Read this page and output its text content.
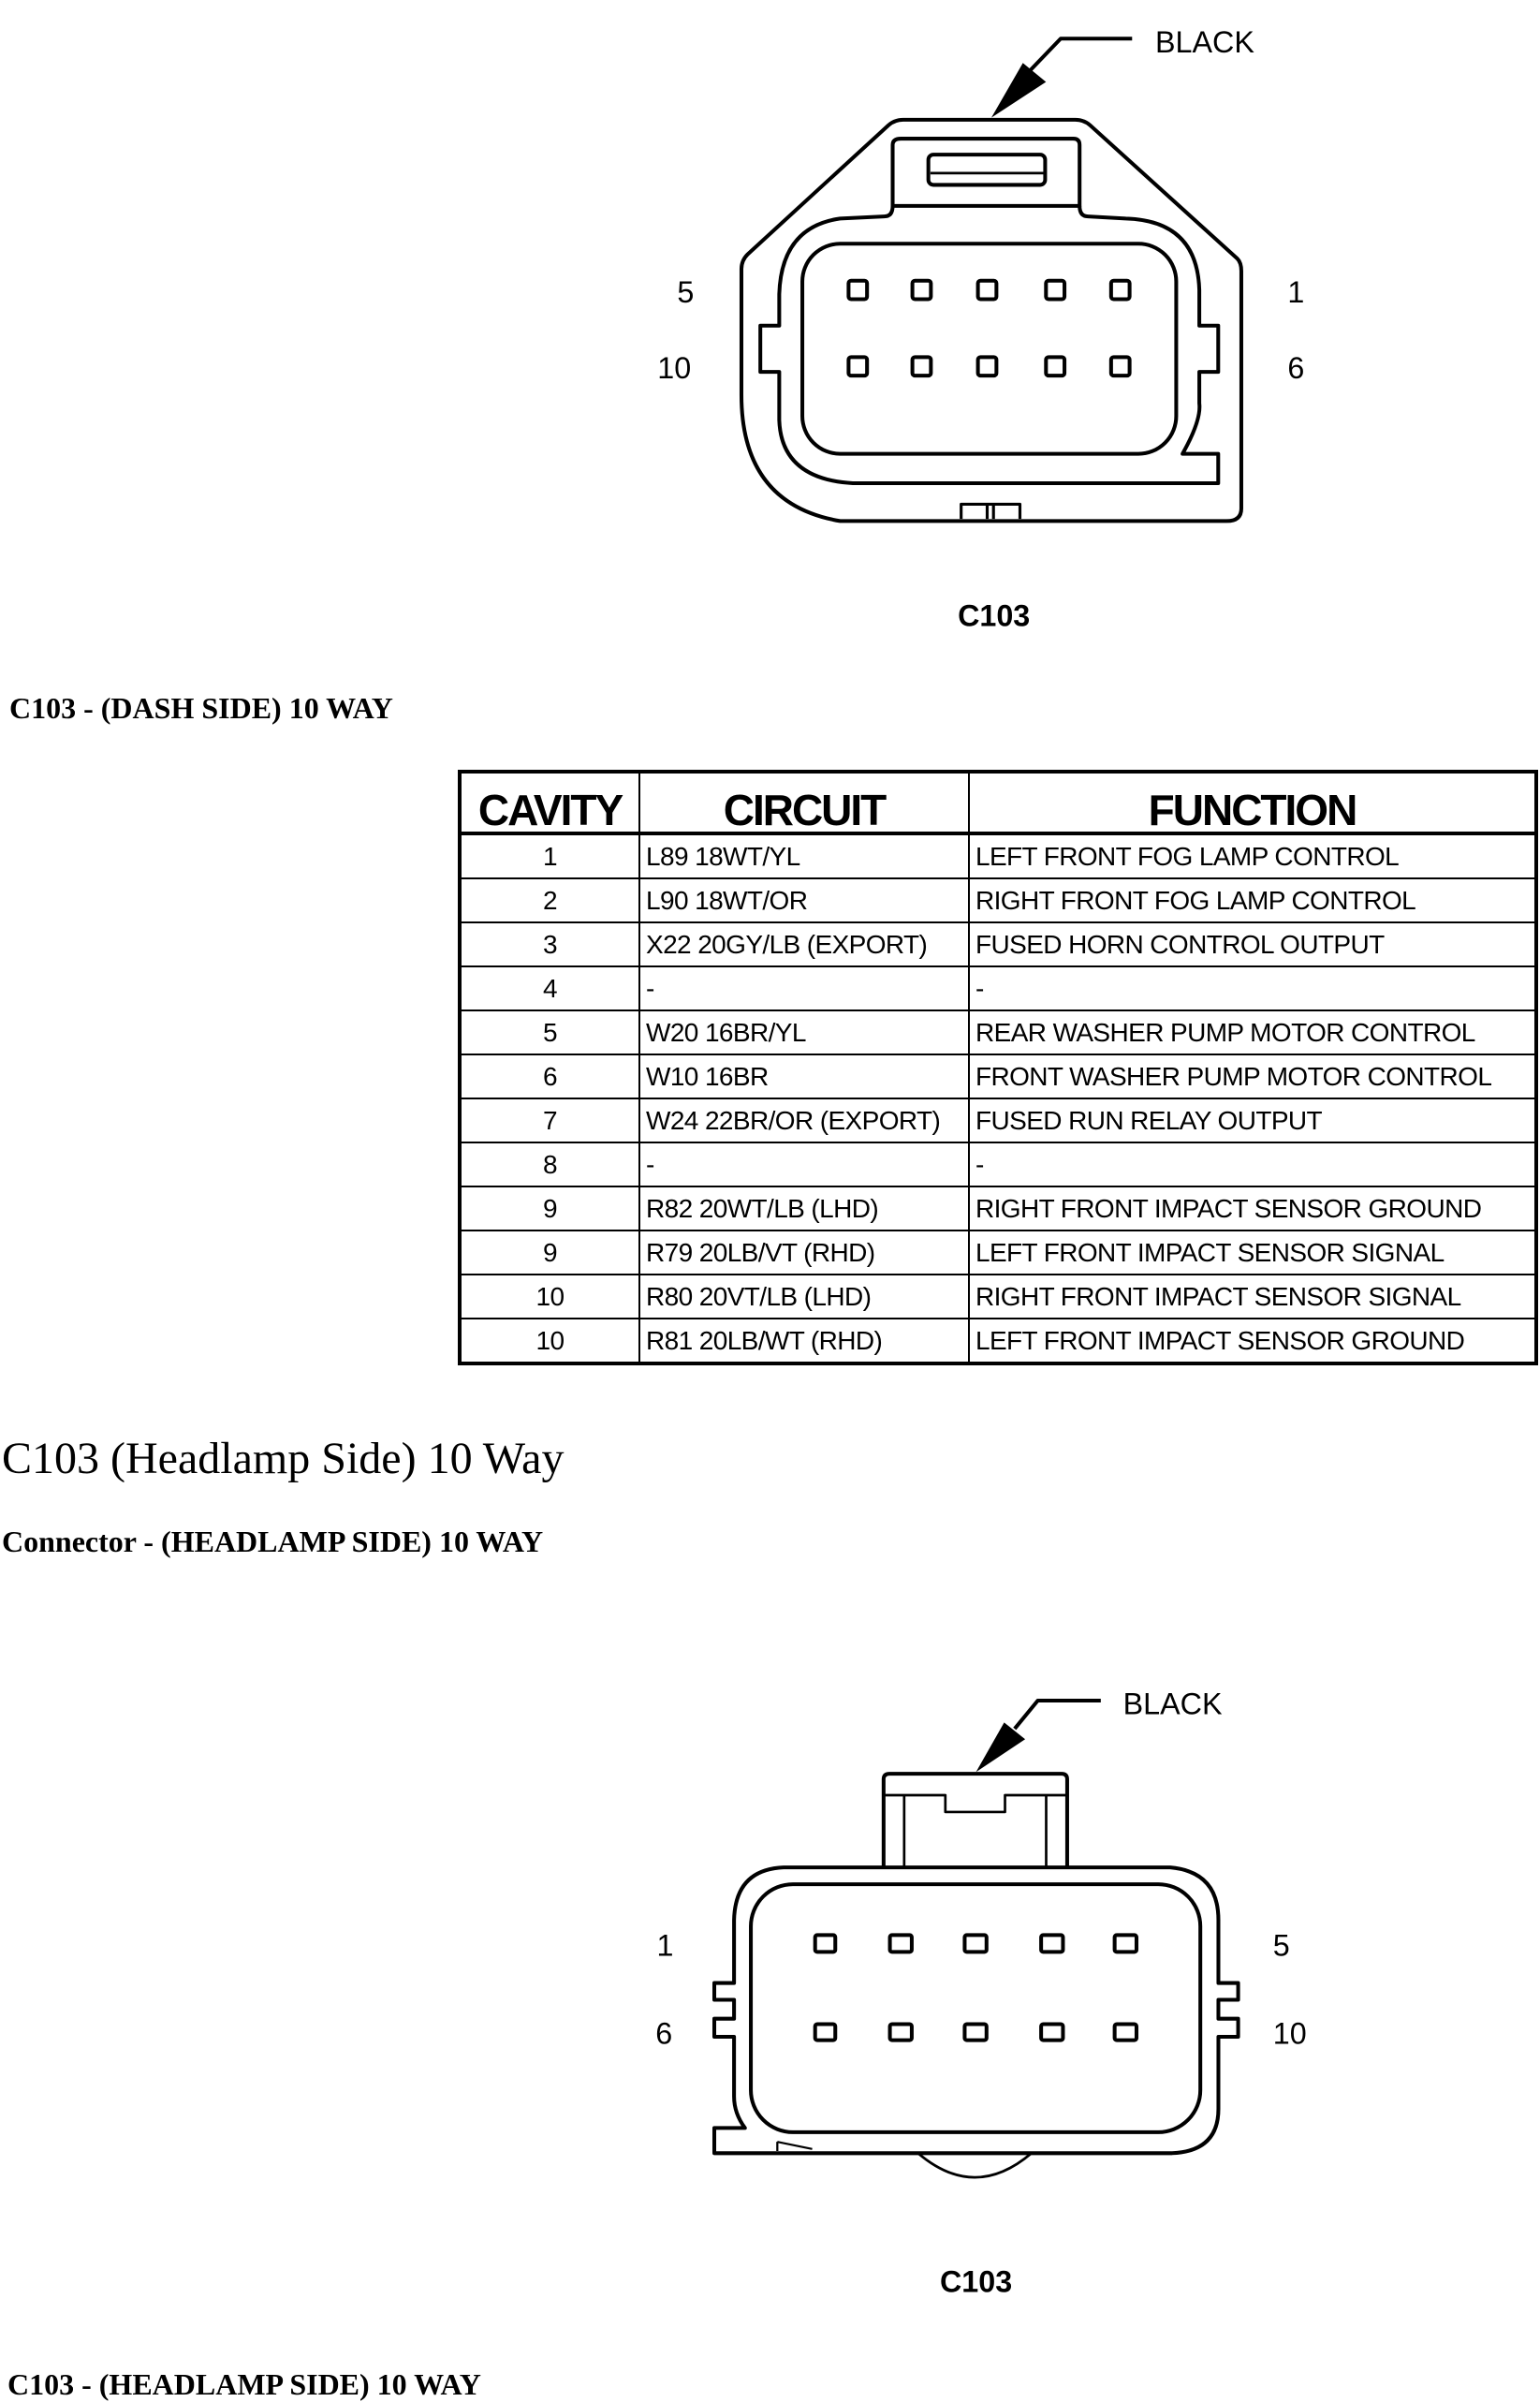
BLACK
5
10
1
6
C103
C103 - (DASH SIDE) 10 WAY
CAVITY	CIRCUIT	FUNCTION
1	L89 18WT/YL	LEFT FRONT FOG LAMP CONTROL
2	L90 18WT/OR	RIGHT FRONT FOG LAMP CONTROL
3	X22 20GY/LB (EXPORT)	FUSED HORN CONTROL OUTPUT
4	-	-
5	W20 16BR/YL	REAR WASHER PUMP MOTOR CONTROL
6	W10 16BR	FRONT WASHER PUMP MOTOR CONTROL
7	W24 22BR/OR (EXPORT)	FUSED RUN RELAY OUTPUT
8	-	-
9	R82 20WT/LB (LHD)	RIGHT FRONT IMPACT SENSOR GROUND
9	R79 20LB/VT (RHD)	LEFT FRONT IMPACT SENSOR SIGNAL
10	R80 20VT/LB (LHD)	RIGHT FRONT IMPACT SENSOR SIGNAL
10	R81 20LB/WT (RHD)	LEFT FRONT IMPACT SENSOR GROUND
C103 (Headlamp Side) 10 Way
Connector - (HEADLAMP SIDE) 10 WAY
BLACK
1
6
5
10
C103
C103 - (HEADLAMP SIDE) 10 WAY
